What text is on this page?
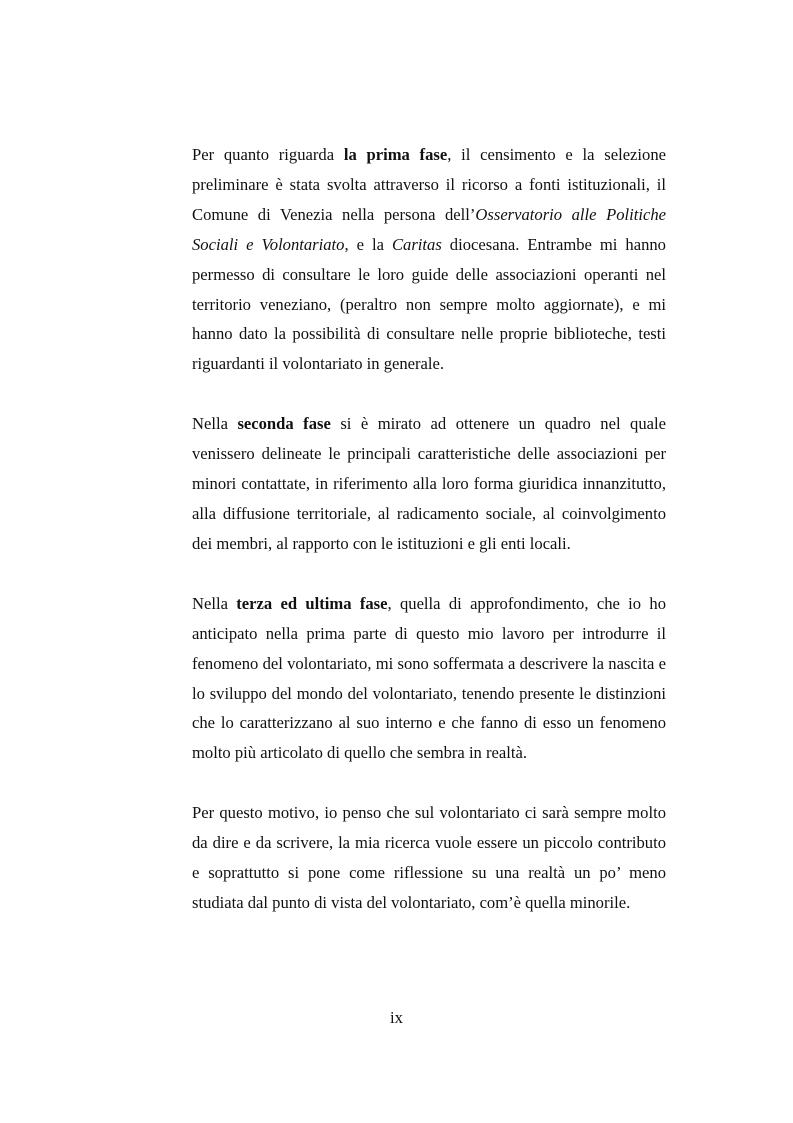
Per quanto riguarda la prima fase, il censimento e la selezione preliminare è stata svolta attraverso il ricorso a fonti istituzionali, il Comune di Venezia nella persona dell’Osservatorio alle Politiche Sociali e Volontariato, e la Caritas diocesana. Entrambe mi hanno permesso di consultare le loro guide delle associazioni operanti nel territorio veneziano, (peraltro non sempre molto aggiornate), e mi hanno dato la possibilità di consultare nelle proprie biblioteche, testi riguardanti il volontariato in generale.

Nella seconda fase si è mirato ad ottenere un quadro nel quale venissero delineate le principali caratteristiche delle associazioni per minori contattate, in riferimento alla loro forma giuridica innanzitutto, alla diffusione territoriale, al radicamento sociale, al coinvolgimento dei membri, al rapporto con le istituzioni e gli enti locali.

Nella terza ed ultima fase, quella di approfondimento, che io ho anticipato nella prima parte di questo mio lavoro per introdurre il fenomeno del volontariato, mi sono soffermata a descrivere la nascita e lo sviluppo del mondo del volontariato, tenendo presente le distinzioni che lo caratterizzano al suo interno e che fanno di esso un fenomeno molto più articolato di quello che sembra in realtà.

Per questo motivo, io penso che sul volontariato ci sarà sempre molto da dire e da scrivere, la mia ricerca vuole essere un piccolo contributo e soprattutto si pone come riflessione su una realtà un po’ meno studiata dal punto di vista del volontariato, com’è quella minorile.

ix
